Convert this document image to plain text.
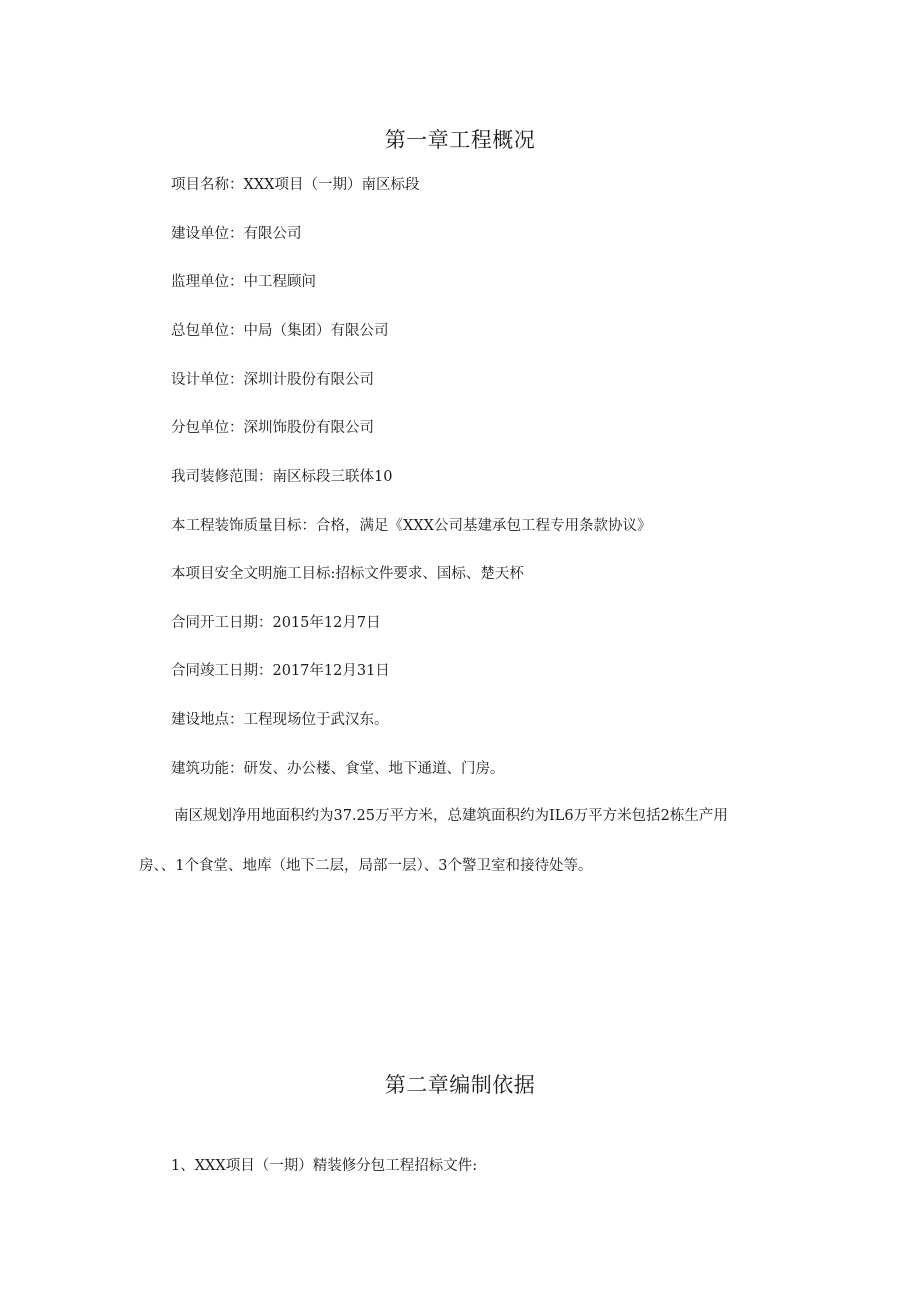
第一章工程概况

项目名称：XXX项目（一期）南区标段

建设单位：有限公司

监理单位：中工程顾问

总包单位：中局（集团）有限公司

设计单位：深圳计股份有限公司

分包单位：深圳饰股份有限公司

我司装修范围：南区标段三联体10

本工程装饰质量目标：合格，满足《XXX公司基建承包工程专用条款协议》

本项目安全文明施工目标:招标文件要求、国标、楚天杯

合同开工日期：2015年12月7日

合同竣工日期：2017年12月31日

建设地点：工程现场位于武汉东。

建筑功能：研发、办公楼、食堂、地下通道、门房。

南区规划净用地面积约为37.25万平方米，总建筑面积约为IL6万平方米包括2栋生产用

房、、1个食堂、地库（地下二层，局部一层）、3个警卫室和接待处等。

第二章编制依据

1、XXX项目（一期）精装修分包工程招标文件:
